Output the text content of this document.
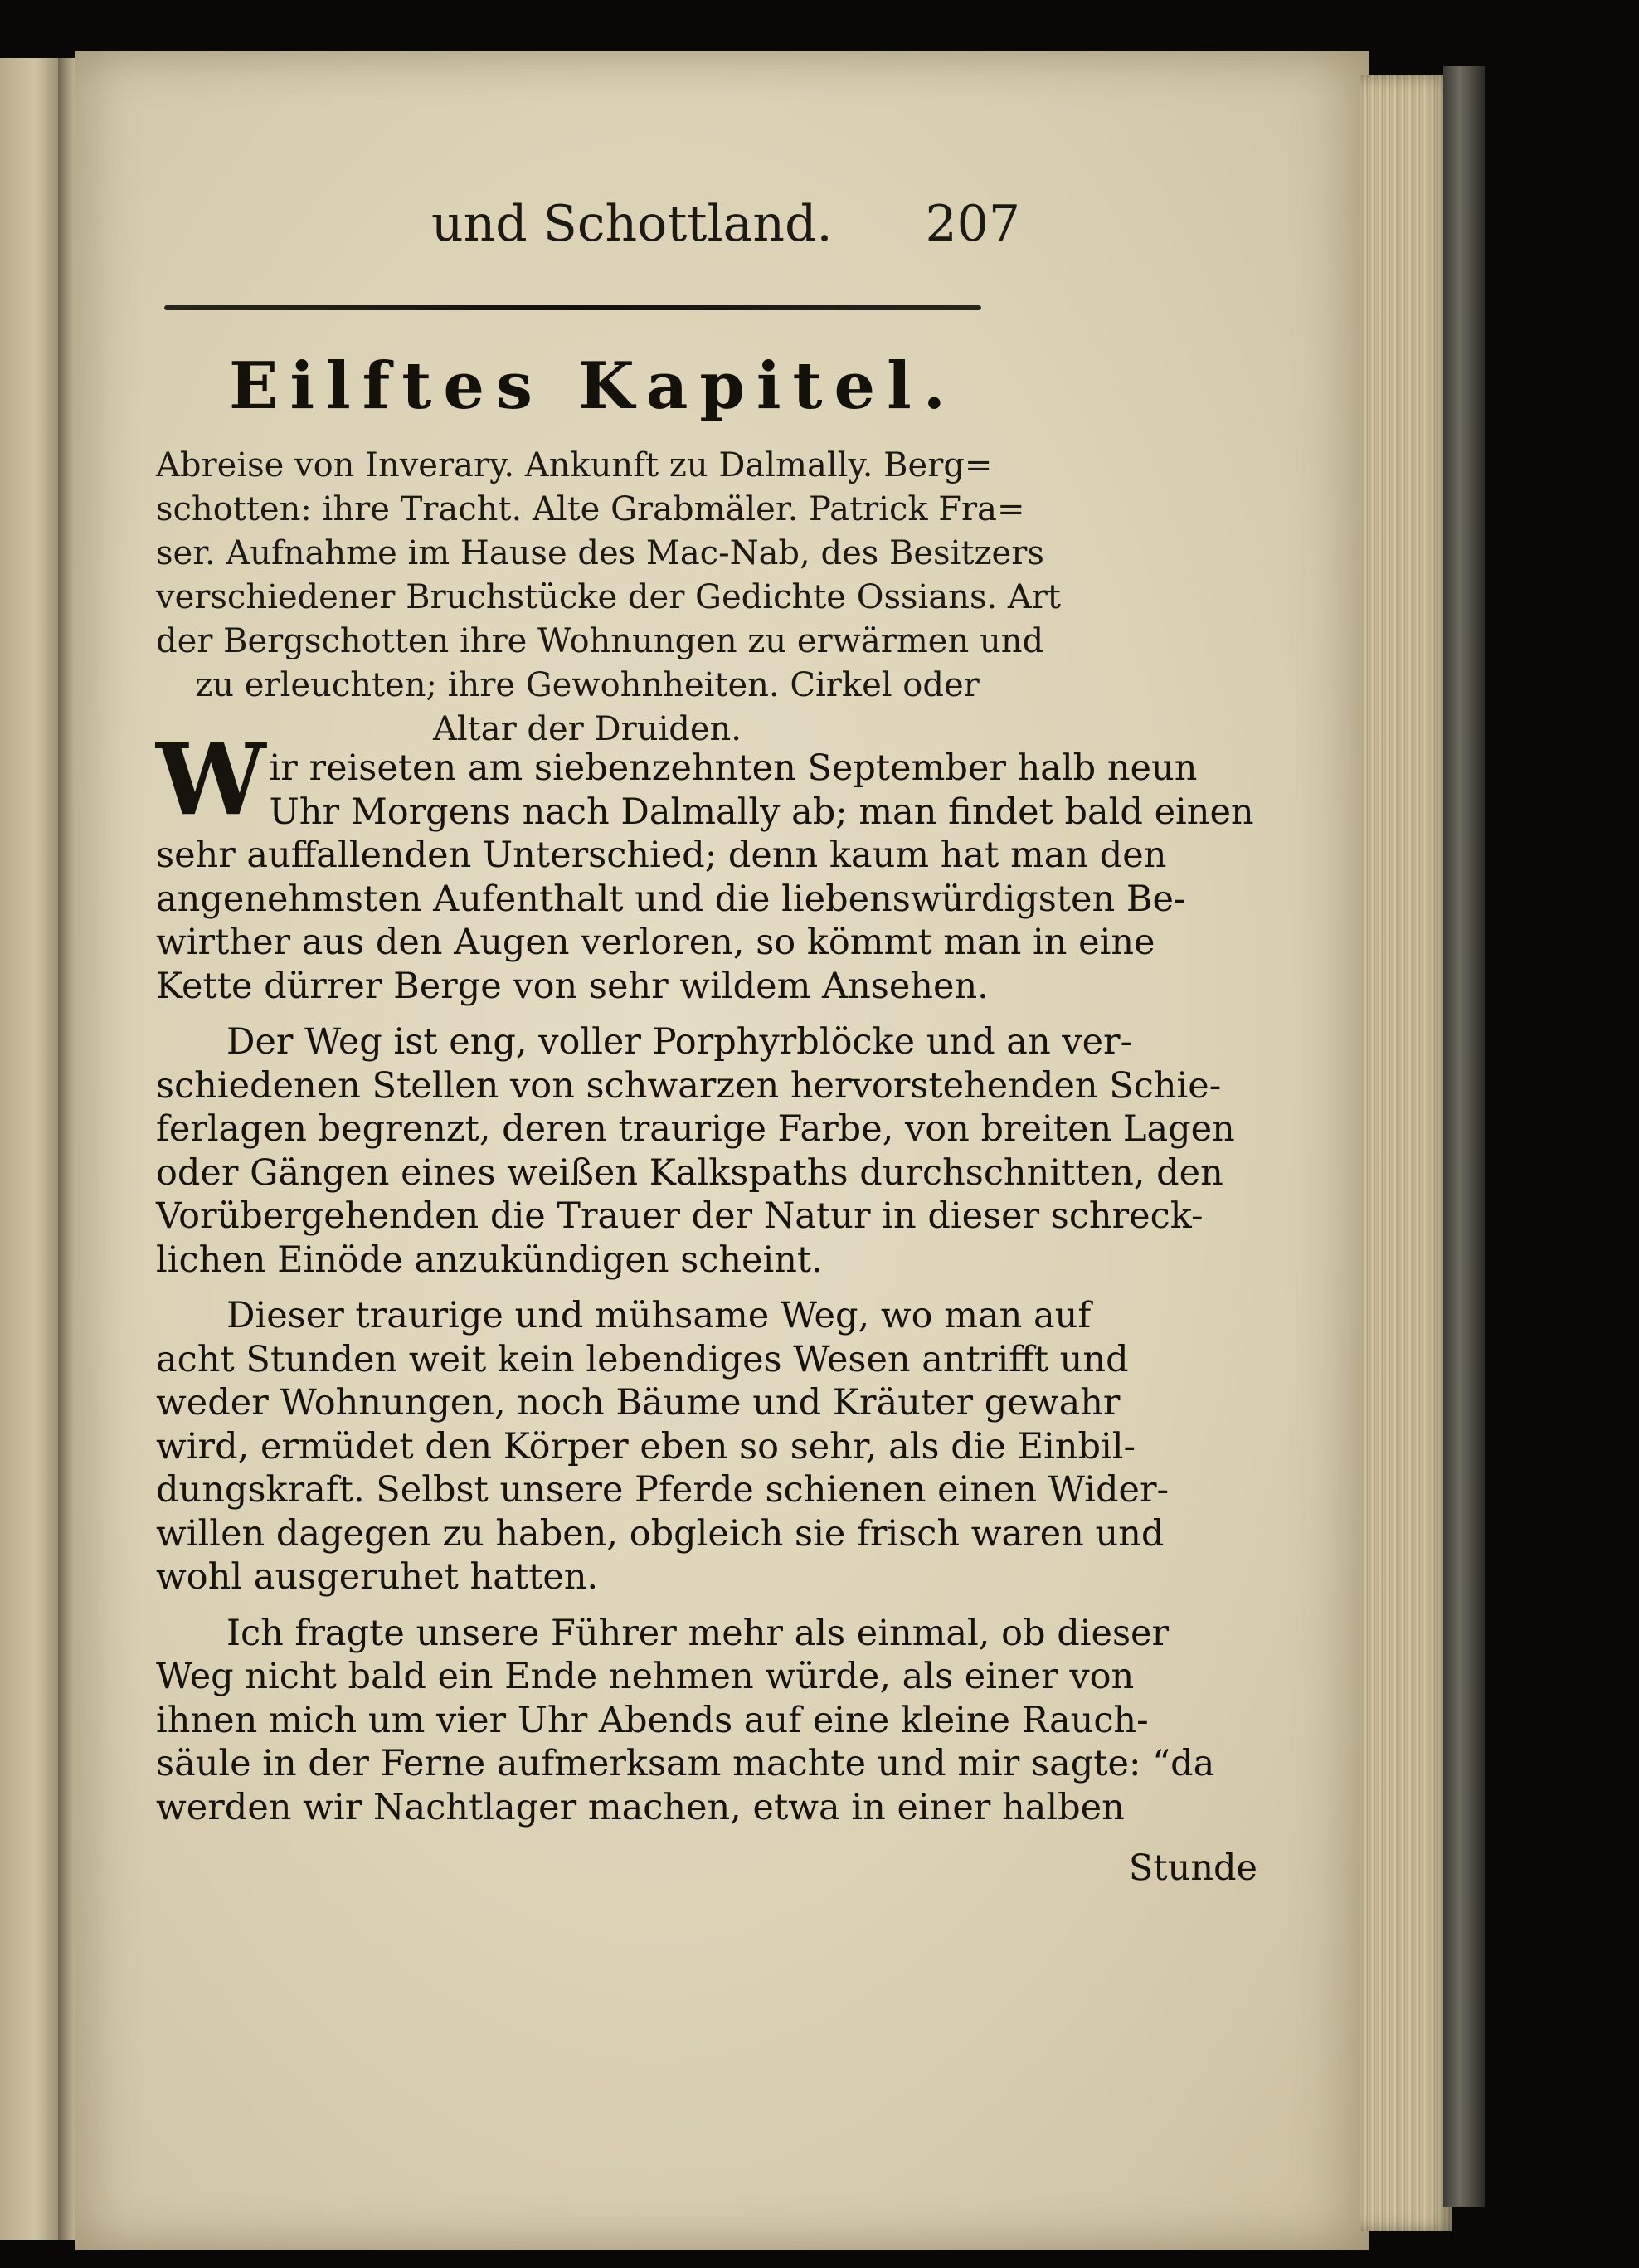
und Schottland. 207
Eilftes Kapitel.
Abreise von Inverary. Ankunft zu Dalmally. Berg=
schotten: ihre Tracht. Alte Grabmäler. Patrick Fra=
ser. Aufnahme im Hause des Mac-Nab, des Besitzers
verschiedener Bruchstücke der Gedichte Ossians. Art
der Bergschotten ihre Wohnungen zu erwärmen und
zu erleuchten; ihre Gewohnheiten. Cirkel oder
Altar der Druiden.
W ir reiseten am siebenzehnten September halb neun
Uhr Morgens nach Dalmally ab; man findet bald einen
sehr auffallenden Unterschied; denn kaum hat man den
angenehmsten Aufenthalt und die liebenswürdigsten Be-
wirther aus den Augen verloren, so kömmt man in eine
Kette dürrer Berge von sehr wildem Ansehen.
Der Weg ist eng, voller Porphyrblöcke und an ver-
schiedenen Stellen von schwarzen hervorstehenden Schie-
ferlagen begrenzt, deren traurige Farbe, von breiten Lagen
oder Gängen eines weißen Kalkspaths durchschnitten, den
Vorübergehenden die Trauer der Natur in dieser schreck-
lichen Einöde anzukündigen scheint.
Dieser traurige und mühsame Weg, wo man auf
acht Stunden weit kein lebendiges Wesen antrifft und
weder Wohnungen, noch Bäume und Kräuter gewahr
wird, ermüdet den Körper eben so sehr, als die Einbil-
dungskraft. Selbst unsere Pferde schienen einen Wider-
willen dagegen zu haben, obgleich sie frisch waren und
wohl ausgeruhet hatten.
Ich fragte unsere Führer mehr als einmal, ob dieser
Weg nicht bald ein Ende nehmen würde, als einer von
ihnen mich um vier Uhr Abends auf eine kleine Rauch-
säule in der Ferne aufmerksam machte und mir sagte: “da
werden wir Nachtlager machen, etwa in einer halben
Stunde
